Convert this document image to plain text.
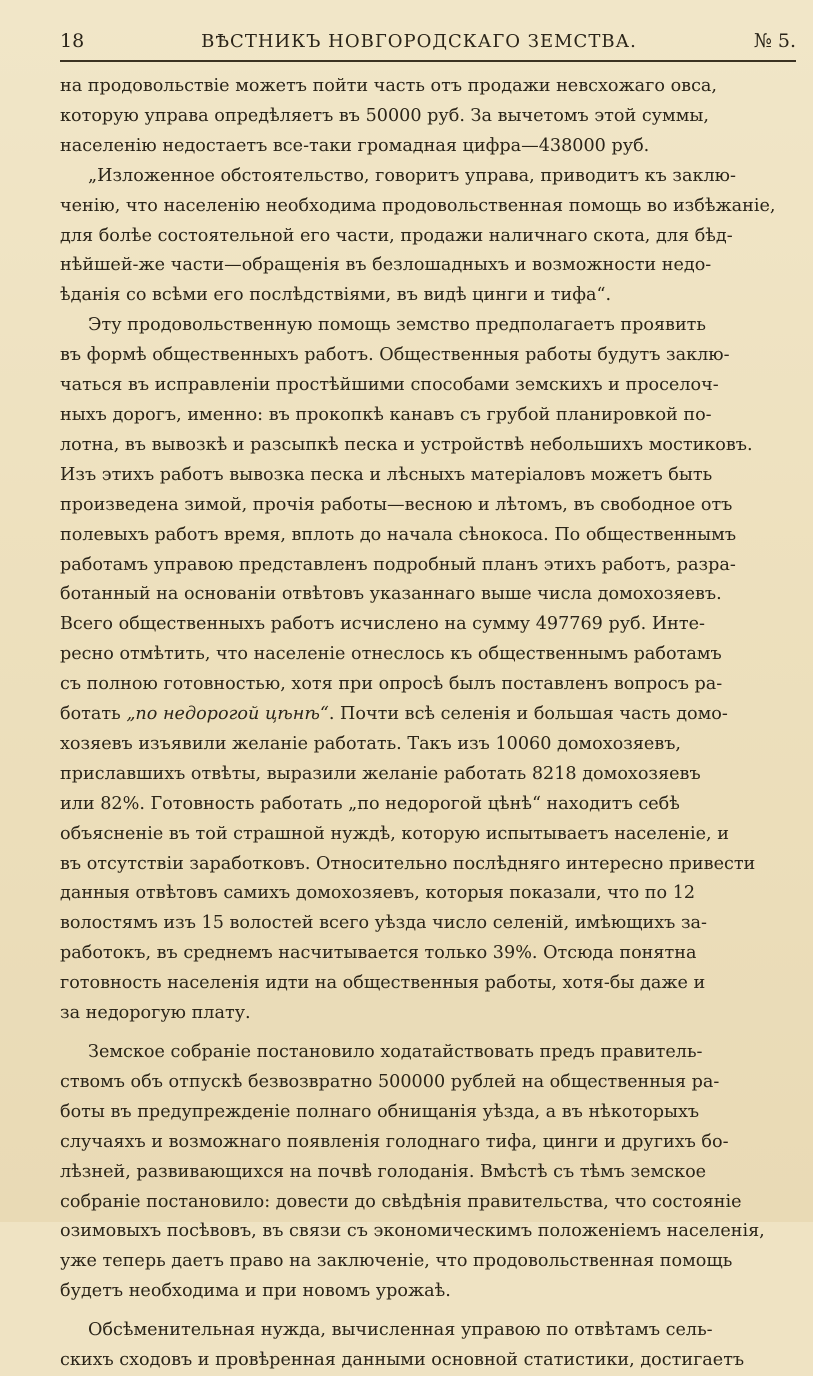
18	ВѢСТНИКЪ НОВГОРОДСКАГО ЗЕМСТВА.	№ 5.

на продовольствіе можетъ пойти часть отъ продажи невсхожаго овса,
которую управа опредѣляетъ въ 50000 руб. За вычетомъ этой суммы,
населенію недостаетъ все-таки громадная цифра—438000 руб.

„Изложенное обстоятельство, говоритъ управа, приводитъ къ заклю-
ченію, что населенію необходима продовольственная помощь во избѣжаніе,
для болѣе состоятельной его части, продажи наличнаго скота, для бѣд-
нѣйшей-же части—обращенія въ безлошадныхъ и возможности недо-
ѣданія со всѣми его послѣдствіями, въ видѣ цинги и тифа“.

Эту продовольственную помощь земство предполагаетъ проявить
въ формѣ общественныхъ работъ. Общественныя работы будутъ заклю-
чаться въ исправленіи простѣйшими способами земскихъ и проселоч-
ныхъ дорогъ, именно: въ прокопкѣ канавъ съ грубой планировкой по-
лотна, въ вывозкѣ и разсыпкѣ песка и устройствѣ небольшихъ мостиковъ.
Изъ этихъ работъ вывозка песка и лѣсныхъ матеріаловъ можетъ быть
произведена зимой, прочія работы—весною и лѣтомъ, въ свободное отъ
полевыхъ работъ время, вплоть до начала сѣнокоса. По общественнымъ
работамъ управою представленъ подробный планъ этихъ работъ, разра-
ботанный на основаніи отвѣтовъ указаннаго выше числа домохозяевъ.
Всего общественныхъ работъ исчислено на сумму 497769 руб. Инте-
ресно отмѣтить, что населеніе отнеслось къ общественнымъ работамъ
съ полною готовностью, хотя при опросѣ былъ поставленъ вопросъ ра-
ботать „по недорогой цѣнѣ“. Почти всѣ селенія и большая часть домо-
хозяевъ изъявили желаніе работать. Такъ изъ 10060 домохозяевъ,
приславшихъ отвѣты, выразили желаніе работать 8218 домохозяевъ
или 82%. Готовность работать „по недорогой цѣнѣ“ находитъ себѣ
объясненіе въ той страшной нуждѣ, которую испытываетъ населеніе, и
въ отсутствіи заработковъ. Относительно послѣдняго интересно привести
данныя отвѣтовъ самихъ домохозяевъ, которыя показали, что по 12
волостямъ изъ 15 волостей всего уѣзда число селеній, имѣющихъ за-
работокъ, въ среднемъ насчитывается только 39%. Отсюда понятна
готовность населенія идти на общественныя работы, хотя-бы даже и
за недорогую плату.

Земское собраніе постановило ходатайствовать предъ правитель-
ствомъ объ отпускѣ безвозвратно 500000 рублей на общественныя ра-
боты въ предупрежденіе полнаго обнищанія уѣзда, а въ нѣкоторыхъ
случаяхъ и возможнаго появленія голоднаго тифа, цинги и другихъ бо-
лѣзней, развивающихся на почвѣ голоданія. Вмѣстѣ съ тѣмъ земское
собраніе постановило: довести до свѣдѣнія правительства, что состояніе
озимовыхъ посѣвовъ, въ связи съ экономическимъ положеніемъ населенія,
уже теперь даетъ право на заключеніе, что продовольственная помощь
будетъ необходима и при новомъ урожаѣ.

Обсѣменительная нужда, вычисленная управою по отвѣтамъ сель-
скихъ сходовъ и провѣренная данными основной статистики, достигаетъ
